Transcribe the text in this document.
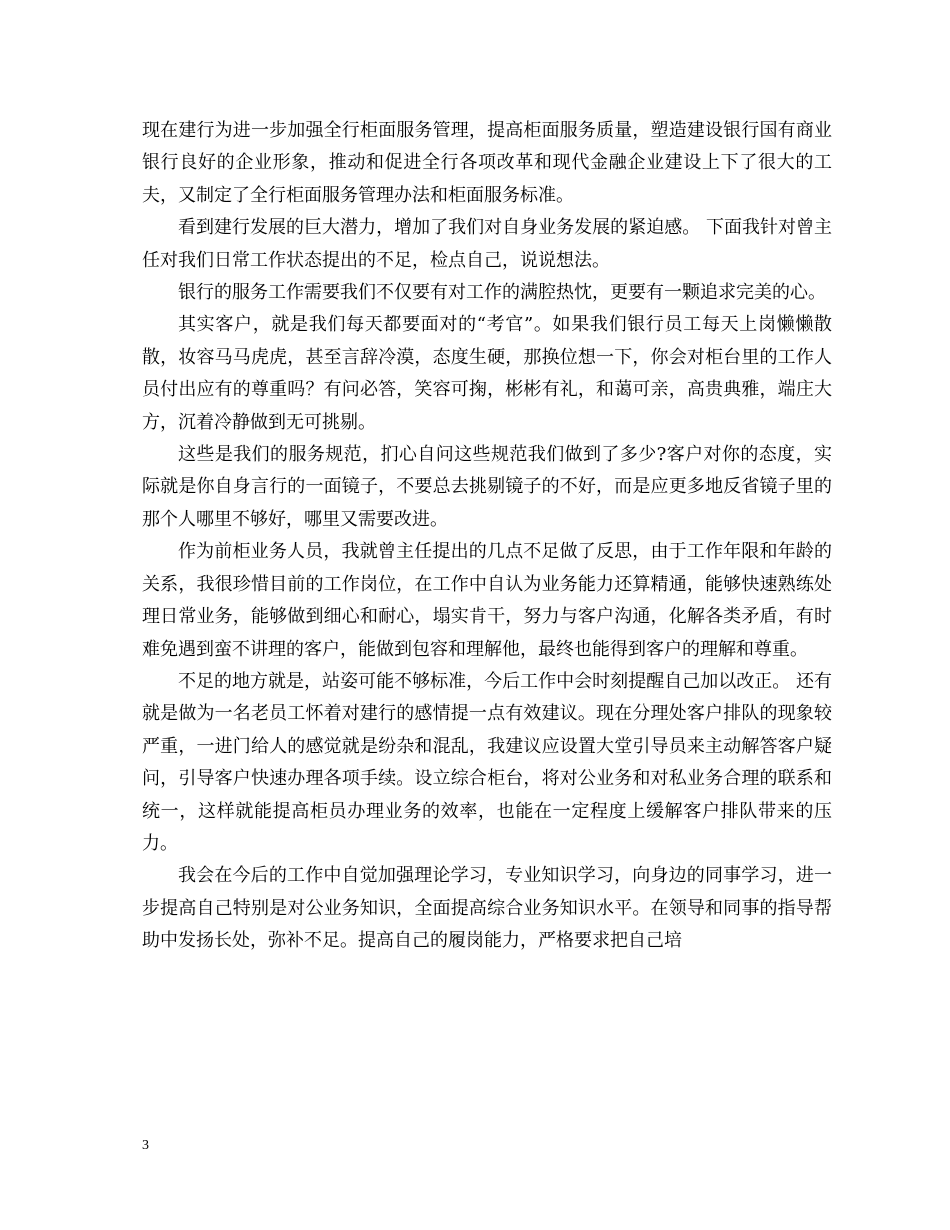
现在建行为进一步加强全行柜面服务管理，提高柜面服务质量，塑造建设银行国有商业银行良好的企业形象，推动和促进全行各项改革和现代金融企业建设上下了很大的工夫，又制定了全行柜面服务管理办法和柜面服务标准。

看到建行发展的巨大潜力，增加了我们对自身业务发展的紧迫感。 下面我针对曾主任对我们日常工作状态提出的不足，检点自己，说说想法。

银行的服务工作需要我们不仅要有对工作的满腔热忱，更要有一颗追求完美的心。

其实客户，就是我们每天都要面对的“考官”。如果我们银行员工每天上岗懒懒散散，妆容马马虎虎，甚至言辞冷漠，态度生硬，那换位想一下，你会对柜台里的工作人员付出应有的尊重吗？有问必答，笑容可掬，彬彬有礼，和蔼可亲，高贵典雅，端庄大方，沉着冷静做到无可挑剔。

这些是我们的服务规范，扪心自问这些规范我们做到了多少?客户对你的态度，实际就是你自身言行的一面镜子，不要总去挑剔镜子的不好，而是应更多地反省镜子里的那个人哪里不够好，哪里又需要改进。

作为前柜业务人员，我就曾主任提出的几点不足做了反思，由于工作年限和年龄的关系，我很珍惜目前的工作岗位，在工作中自认为业务能力还算精通，能够快速熟练处理日常业务，能够做到细心和耐心，塌实肯干，努力与客户沟通，化解各类矛盾，有时难免遇到蛮不讲理的客户，能做到包容和理解他，最终也能得到客户的理解和尊重。

不足的地方就是，站姿可能不够标准，今后工作中会时刻提醒自己加以改正。 还有就是做为一名老员工怀着对建行的感情提一点有效建议。现在分理处客户排队的现象较严重，一进门给人的感觉就是纷杂和混乱，我建议应设置大堂引导员来主动解答客户疑问，引导客户快速办理各项手续。设立综合柜台，将对公业务和对私业务合理的联系和统一，这样就能提高柜员办理业务的效率，也能在一定程度上缓解客户排队带来的压力。

我会在今后的工作中自觉加强理论学习，专业知识学习，向身边的同事学习，进一步提高自己特别是对公业务知识，全面提高综合业务知识水平。在领导和同事的指导帮助中发扬长处，弥补不足。提高自己的履岗能力，严格要求把自己培

3
